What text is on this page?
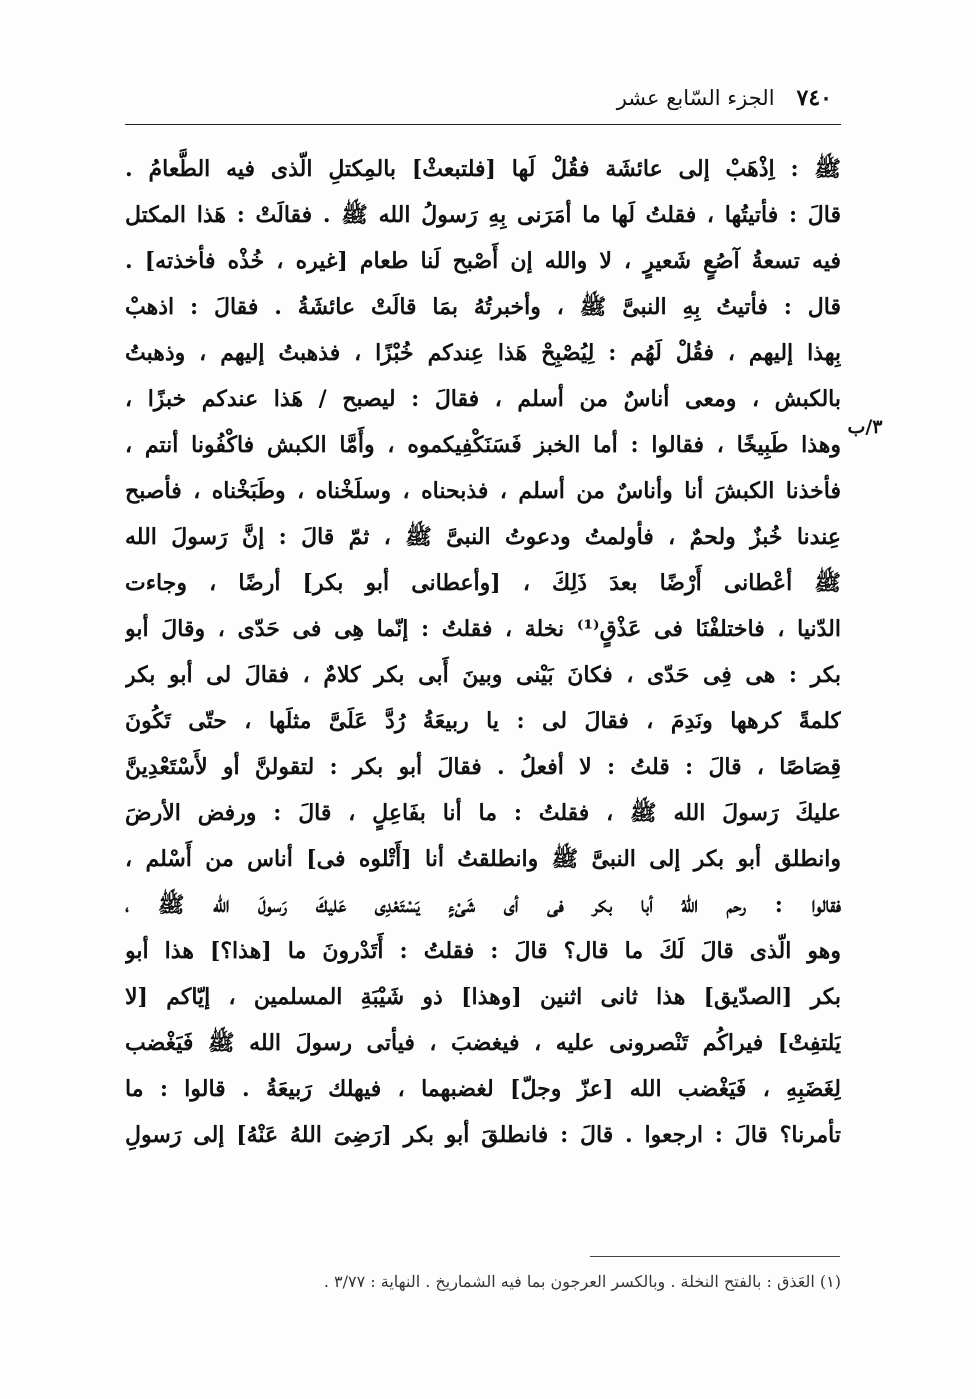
٧٤٠
الجزء السّابع عشر
٣/ب
ﷺ : اِذْهَبْ إلى عائشَة فقُلْ لَها [فلتبعثْ] بالمِكتلِ الّذى فيه الطَّعامُ .
قالَ : فأتيتُها ، فقلتُ لَها ما أمَرَنى بِهِ رَسولُ الله ﷺ . فقالَتْ : هَذا المكتل
فيه تسعةُ آصُعٍ شَعيرٍ ، لا والله إن أَصْبح لَنا طعام [غيره ، خُذْه فأخذته] .
قال : فأتيتُ بِهِ النبىَّ ﷺ ، وأخبرتُهُ بمَا قالَتْ عائشَةُ . فقالَ : اذهبْ
بِهذا إليهم ، فقُلْ لَهُم : لِيُصْبِحْ هَذا عِندكم خُبْزًا ، فذهبتُ إليهم ، وذهبتُ
بالكبش ، ومعى أناسٌ من أسلم ، فقالَ : ليصبح / هَذا عندكم خبزًا ،
وهذا طَبِيخًا ، فقالوا : أما الخبز فَسَنَكْفِيكموه ، وأَمَّا الكبش فاكْفُونا أنتم ،
فأخذنا الكبشَ أنا وأناسٌ من أسلم ، فذبحناه ، وسلَخْناه ، وطَبَخْناه ، فأصبح
عِندنا خُبزٌ ولحمٌ ، فأولمتُ ودعوتُ النبىَّ ﷺ ، ثمّ قالَ : إنَّ رَسولَ الله
ﷺ أعْطانى أَرْضًا بعدَ ذَلِكَ ، [وأعطانى أبو بكر] أرضًا ، وجاءت
الدّنيا ، فاختلفْنَا فى عَذْقٍ⁽¹⁾ نخلة ، فقلتُ : إنّما هِى فى حَدّى ، وقالَ أبو
بكر : هى فِى حَدّى ، فكانَ بَيْنى وبينَ أَبى بكر كلامٌ ، فقالَ لى أبو بكر
كلمةً كرهها ونَدِمَ ، فقالَ لى : يا ربيعَةُ رُدَّ عَلَىَّ مثلَها ، حتّى تَكُونَ
قِصَاصًا ، قالَ : قلتُ : لا أفعلُ . فقالَ أبو بكر : لتقولنَّ أو لأَسْتَعْدِينَّ
عليكَ رَسولَ الله ﷺ ، فقلتُ : ما أنا بفَاعِلٍ ، قالَ : ورفض الأرضَ
وانطلق أبو بكر إلى النبىَّ ﷺ وانطلقتُ أنا [أَتْلوه فى] أناس من أَسْلم ،
فقالوا : رحم اللهُ أبا بكر فى أى شَىْءٍ يَسْتَعْدِى عَليكَ رَسولَ الله ﷺ ،
وهو الّذى قالَ لَكَ ما قال؟ قالَ : فقلتُ : أَتَدْرونَ ما [هذا؟] هذا أبو
بكر [الصدّيق] هذا ثانى اثنين [وهذا] ذو شَيْبَةِ المسلمين ، إيّاكم [لا
يَلتفِتْ] فيراكُم تَنْصرونى عليه ، فيغضبَ ، فيأتى رسولَ الله ﷺ فَيَغْضب
لِغَضَبِهِ ، فَيَغْضب الله [عزّ وجلّ] لغضبهما ، فيهلك رَبيعَةُ . قالوا : ما
تأمرنا؟ قالَ : ارجعوا . قالَ : فانطلقَ أبو بكر [رَضِىَ اللهُ عَنْهُ] إلى رَسولِ
(١) العَذق : بالفتح النخلة . وبالكسر العرجون بما فيه الشماريخ . النهاية : ٣/٧٧ .
